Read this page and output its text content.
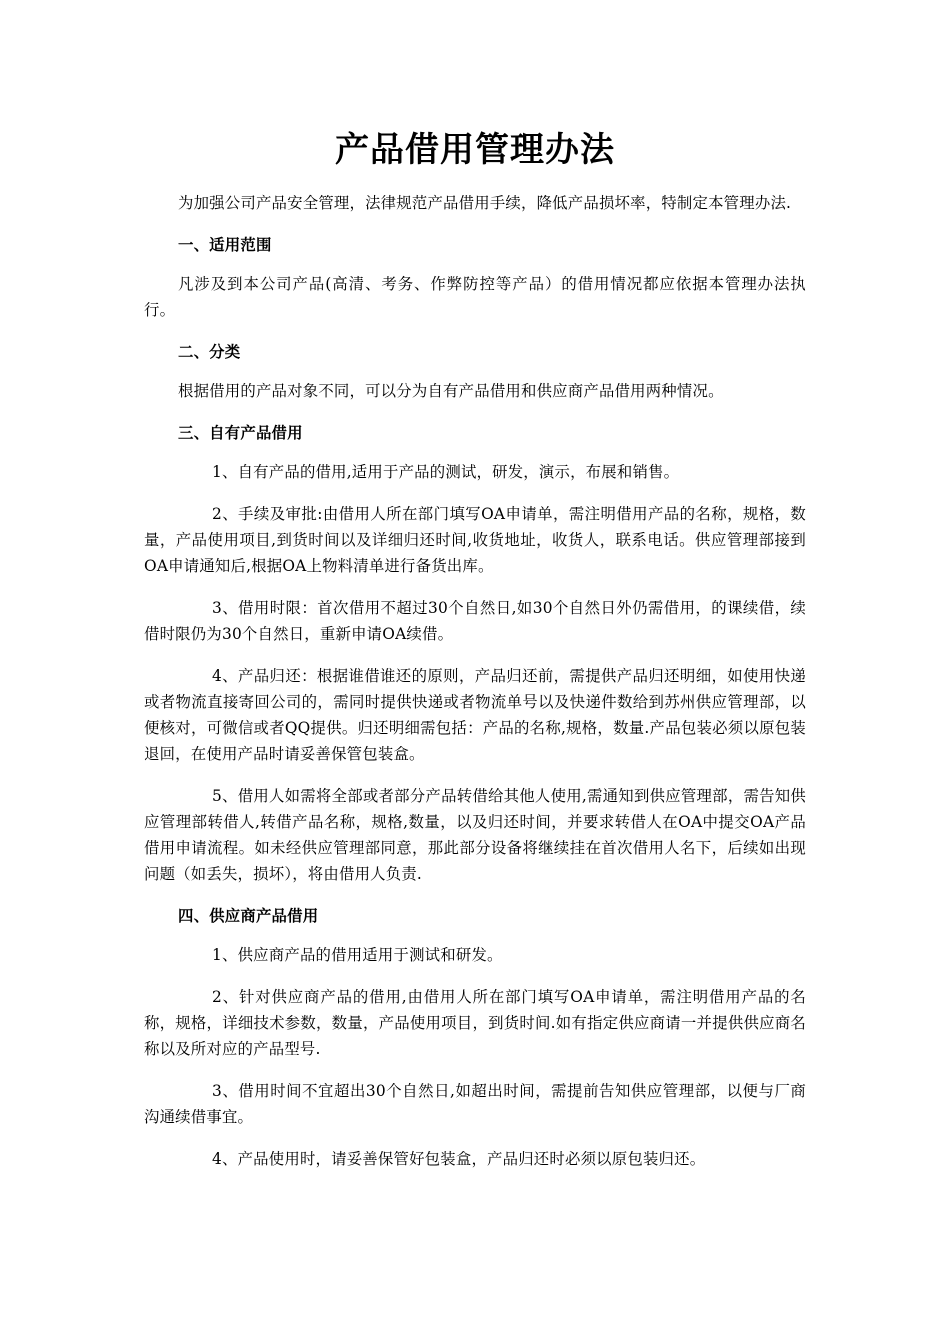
产品借用管理办法

为加强公司产品安全管理，法律规范产品借用手续，降低产品损坏率，特制定本管理办法.

一、适用范围

凡涉及到本公司产品(高清、考务、作弊防控等产品）的借用情况都应依据本管理办法执行。

二、分类

根据借用的产品对象不同，可以分为自有产品借用和供应商产品借用两种情况。

三、自有产品借用

1、自有产品的借用,适用于产品的测试，研发，演示，布展和销售。

2、手续及审批:由借用人所在部门填写OA申请单，需注明借用产品的名称，规格，数量，产品使用项目,到货时间以及详细归还时间,收货地址，收货人，联系电话。供应管理部接到OA申请通知后,根据OA上物料清单进行备货出库。

3、借用时限：首次借用不超过30个自然日,如30个自然日外仍需借用，的课续借，续借时限仍为30个自然日，重新申请OA续借。

4、产品归还：根据谁借谁还的原则，产品归还前，需提供产品归还明细，如使用快递或者物流直接寄回公司的，需同时提供快递或者物流单号以及快递件数给到苏州供应管理部，以便核对，可微信或者QQ提供。归还明细需包括：产品的名称,规格，数量.产品包装必须以原包装退回，在使用产品时请妥善保管包装盒。

5、借用人如需将全部或者部分产品转借给其他人使用,需通知到供应管理部，需告知供应管理部转借人,转借产品名称，规格,数量，以及归还时间，并要求转借人在OA中提交OA产品借用申请流程。如未经供应管理部同意，那此部分设备将继续挂在首次借用人名下，后续如出现问题（如丢失，损坏），将由借用人负责.

四、供应商产品借用

1、供应商产品的借用适用于测试和研发。

2、针对供应商产品的借用,由借用人所在部门填写OA申请单，需注明借用产品的名称，规格，详细技术参数，数量，产品使用项目，到货时间.如有指定供应商请一并提供供应商名称以及所对应的产品型号.

3、借用时间不宜超出30个自然日,如超出时间，需提前告知供应管理部，以便与厂商沟通续借事宜。

4、产品使用时，请妥善保管好包装盒，产品归还时必须以原包装归还。
